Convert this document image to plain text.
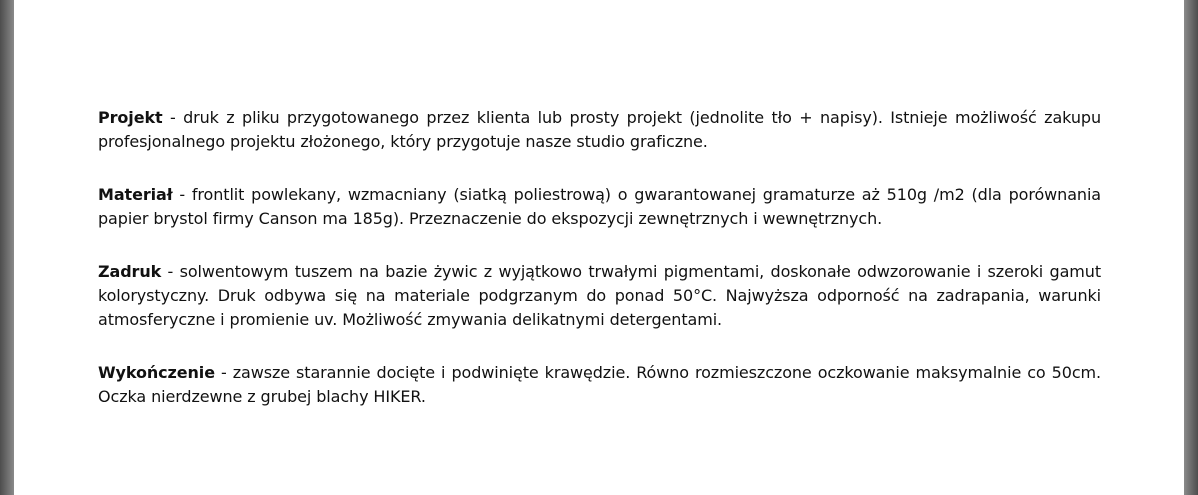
Projekt - druk z pliku przygotowanego przez klienta lub prosty projekt (jednolite tło + napisy). Istnieje możliwość zakupu profesjonalnego projektu złożonego, który przygotuje nasze studio graficzne.

Materiał - frontlit powlekany, wzmacniany (siatką poliestrową) o gwarantowanej gramaturze aż 510g /m2 (dla porównania papier brystol firmy Canson ma 185g). Przeznaczenie do ekspozycji zewnętrznych i wewnętrznych.

Zadruk - solwentowym tuszem na bazie żywic z wyjątkowo trwałymi pigmentami, doskonałe odwzorowanie i szeroki gamut kolorystyczny. Druk odbywa się na materiale podgrzanym do ponad 50°C. Najwyższa odporność na zadrapania, warunki atmosferyczne i promienie uv. Możliwość zmywania delikatnymi detergentami.

Wykończenie - zawsze starannie docięte i podwinięte krawędzie. Równo rozmieszczone oczkowanie maksymalnie co 50cm. Oczka nierdzewne z grubej blachy HIKER.
